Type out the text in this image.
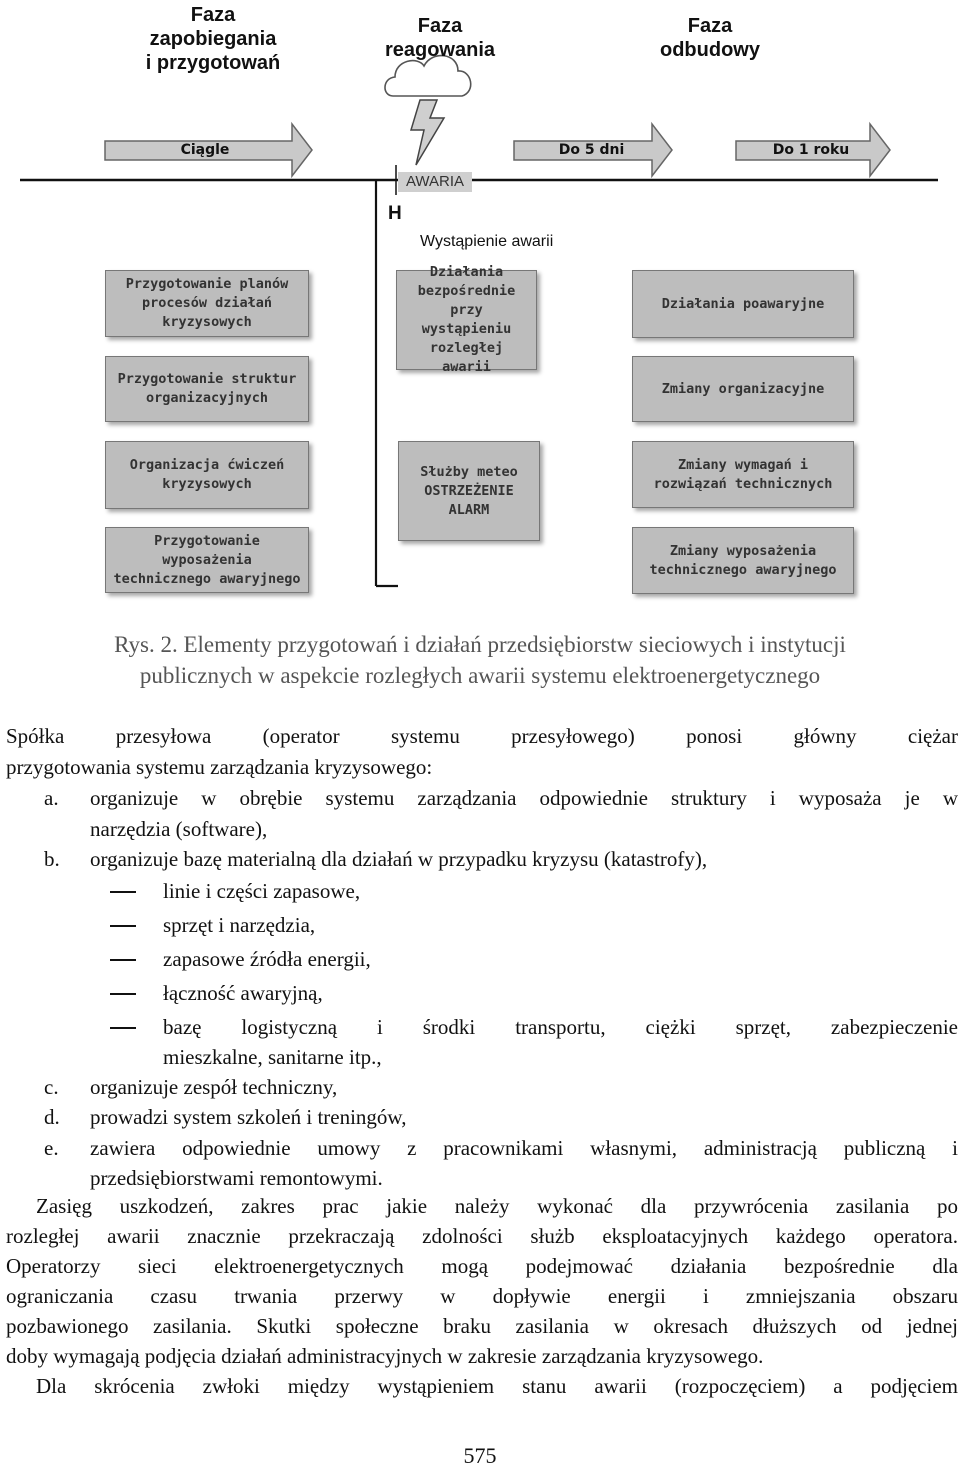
Faza
zapobiegania
i przygotowań
Faza
reagowania
Faza
odbudowy
Ciągle	Do 5 dni	Do 1 roku
AWARIA
H
Wystąpienie awarii
Przygotowanie planów procesów działań kryzysowych
Przygotowanie struktur organizacyjnych
Organizacja ćwiczeń kryzysowych
Przygotowanie wyposażenia technicznego awaryjnego
Działania bezpośrednie przy wystąpieniu rozległej awarii
Służby meteo OSTRZEŻENIE ALARM
Działania poawaryjne
Zmiany organizacyjne
Zmiany wymagań i rozwiązań technicznych
Zmiany wyposażenia technicznego awaryjnego
Rys. 2. Elementy przygotowań i działań przedsiębiorstw sieciowych i instytucji
publicznych w aspekcie rozległych awarii systemu elektroenergetycznego
Spółka przesyłowa (operator systemu przesyłowego) ponosi główny ciężar
przygotowania systemu zarządzania kryzysowego:
a. organizuje w obrębie systemu zarządzania odpowiednie struktury i wyposaża je w
narzędzia (software),
b. organizuje bazę materialną dla działań w przypadku kryzysu (katastrofy),
linie i części zapasowe,
sprzęt i narzędzia,
zapasowe źródła energii,
łączność awaryjną,
bazę logistyczną i środki transportu, ciężki sprzęt, zabezpieczenie
mieszkalne, sanitarne itp.,
c. organizuje zespół techniczny,
d. prowadzi system szkoleń i treningów,
e. zawiera odpowiednie umowy z pracownikami własnymi, administracją publiczną i
przedsiębiorstwami remontowymi.
Zasięg uszkodzeń, zakres prac jakie należy wykonać dla przywrócenia zasilania po
rozległej awarii znacznie przekraczają zdolności służb eksploatacyjnych każdego operatora.
Operatorzy sieci elektroenergetycznych mogą podejmować działania bezpośrednie dla
ograniczania czasu trwania przerwy w dopływie energii i zmniejszania obszaru
pozbawionego zasilania. Skutki społeczne braku zasilania w okresach dłuższych od jednej
doby wymagają podjęcia działań administracyjnych w zakresie zarządzania kryzysowego.
Dla skrócenia zwłoki między wystąpieniem stanu awarii (rozpoczęciem) a podjęciem
575
